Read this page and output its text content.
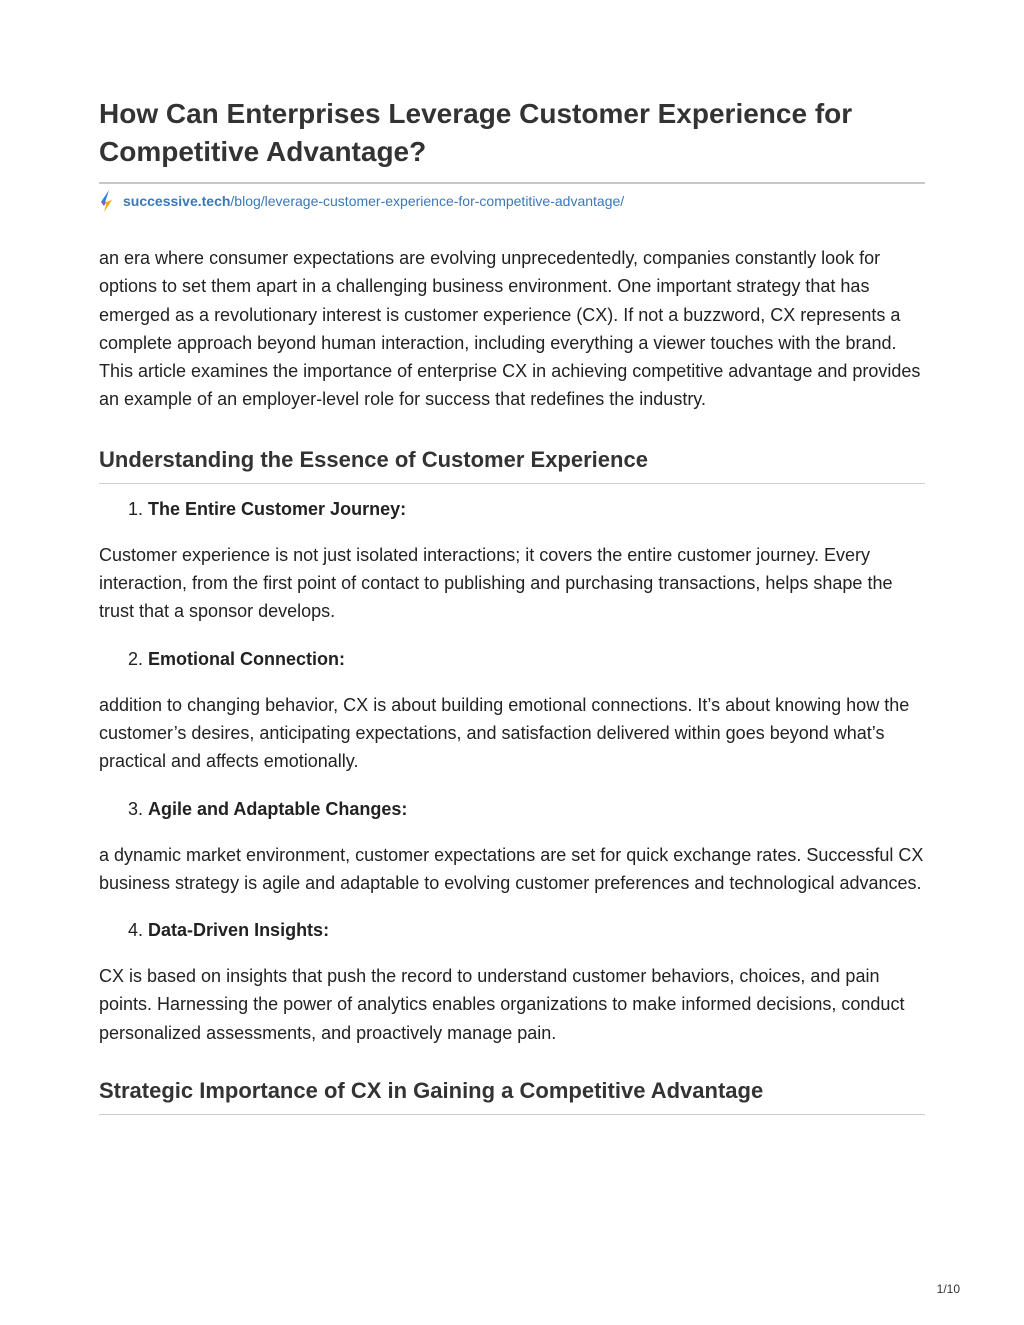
How Can Enterprises Leverage Customer Experience for Competitive Advantage?
successive.tech /blog/leverage-customer-experience-for-competitive-advantage/

an era where consumer expectations are evolving unprecedentedly, companies constantly look for options to set them apart in a challenging business environment. One important strategy that has emerged as a revolutionary interest is customer experience (CX). If not a buzzword, CX represents a complete approach beyond human interaction, including everything a viewer touches with the brand. This article examines the importance of enterprise CX in achieving competitive advantage and provides an example of an employer-level role for success that redefines the industry.

Understanding the Essence of Customer Experience
1. The Entire Customer Journey:

Customer experience is not just isolated interactions; it covers the entire customer journey. Every interaction, from the first point of contact to publishing and purchasing transactions, helps shape the trust that a sponsor develops.

2. Emotional Connection:

addition to changing behavior, CX is about building emotional connections. It’s about knowing how the customer’s desires, anticipating expectations, and satisfaction delivered within goes beyond what’s practical and affects emotionally.

3. Agile and Adaptable Changes:

a dynamic market environment, customer expectations are set for quick exchange rates. Successful CX business strategy is agile and adaptable to evolving customer preferences and technological advances.

4. Data-Driven Insights:

CX is based on insights that push the record to understand customer behaviors, choices, and pain points. Harnessing the power of analytics enables organizations to make informed decisions, conduct personalized assessments, and proactively manage pain.

Strategic Importance of CX in Gaining a Competitive Advantage
1/10
